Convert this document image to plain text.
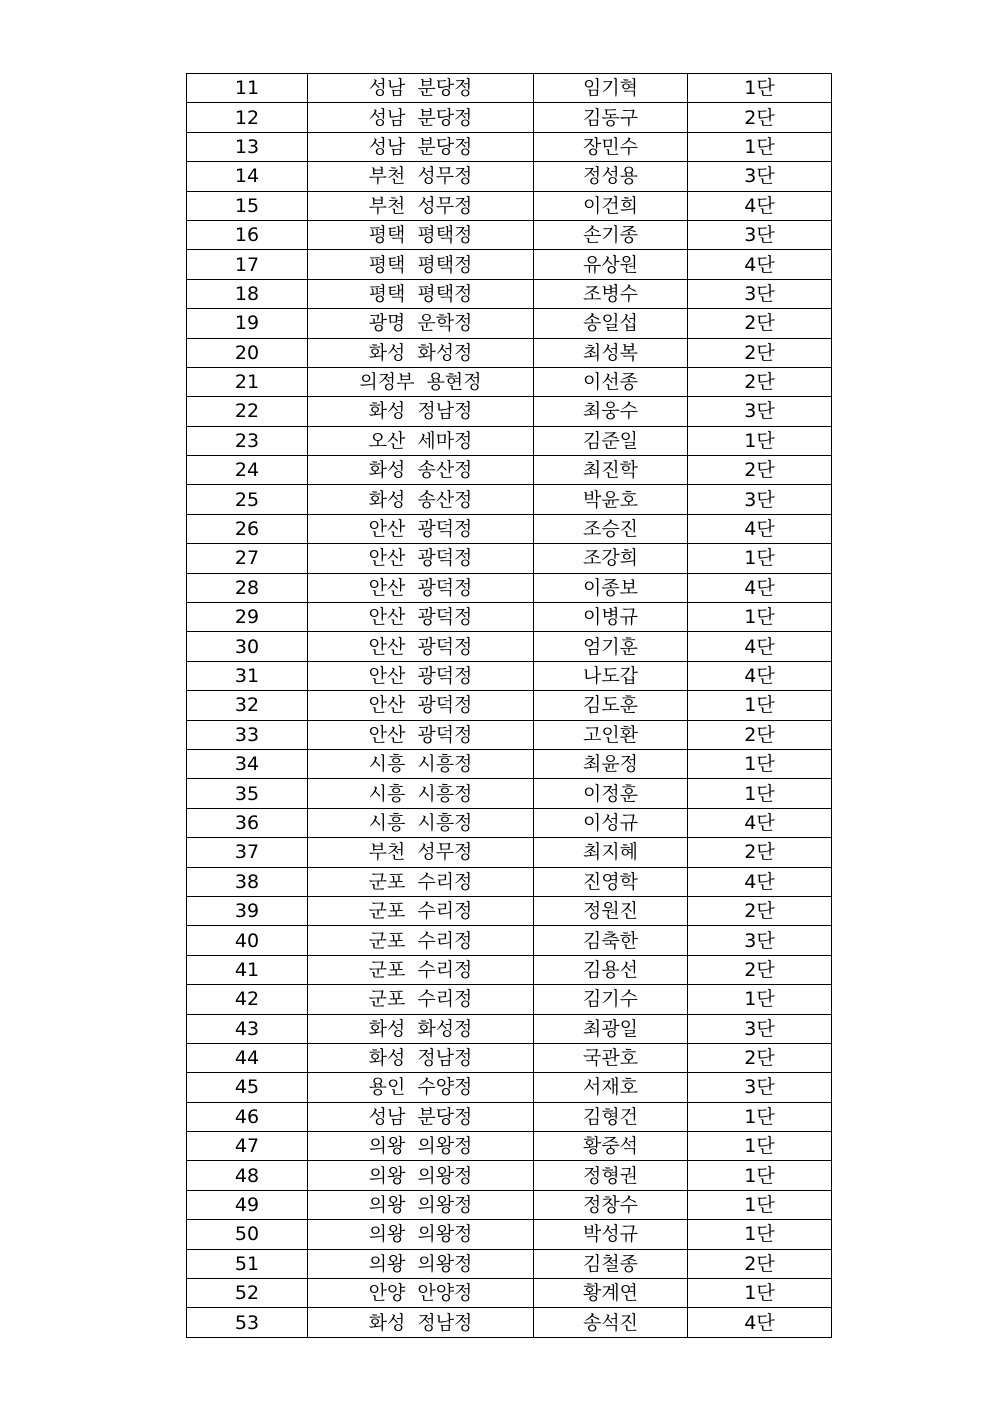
11	성남 분당정	임기혁	1단
12	성남 분당정	김동구	2단
13	성남 분당정	장민수	1단
14	부천 성무정	정성용	3단
15	부천 성무정	이건희	4단
16	평택 평택정	손기종	3단
17	평택 평택정	유상원	4단
18	평택 평택정	조병수	3단
19	광명 운학정	송일섭	2단
20	화성 화성정	최성복	2단
21	의정부 용현정	이선종	2단
22	화성 정남정	최웅수	3단
23	오산 세마정	김준일	1단
24	화성 송산정	최진학	2단
25	화성 송산정	박윤호	3단
26	안산 광덕정	조승진	4단
27	안산 광덕정	조강희	1단
28	안산 광덕정	이종보	4단
29	안산 광덕정	이병규	1단
30	안산 광덕정	엄기훈	4단
31	안산 광덕정	나도갑	4단
32	안산 광덕정	김도훈	1단
33	안산 광덕정	고인환	2단
34	시흥 시흥정	최윤정	1단
35	시흥 시흥정	이정훈	1단
36	시흥 시흥정	이성규	4단
37	부천 성무정	최지혜	2단
38	군포 수리정	진영학	4단
39	군포 수리정	정원진	2단
40	군포 수리정	김축한	3단
41	군포 수리정	김용선	2단
42	군포 수리정	김기수	1단
43	화성 화성정	최광일	3단
44	화성 정남정	국관호	2단
45	용인 수양정	서재호	3단
46	성남 분당정	김형건	1단
47	의왕 의왕정	황중석	1단
48	의왕 의왕정	정형권	1단
49	의왕 의왕정	정창수	1단
50	의왕 의왕정	박성규	1단
51	의왕 의왕정	김철종	2단
52	안양 안양정	황계연	1단
53	화성 정남정	송석진	4단
